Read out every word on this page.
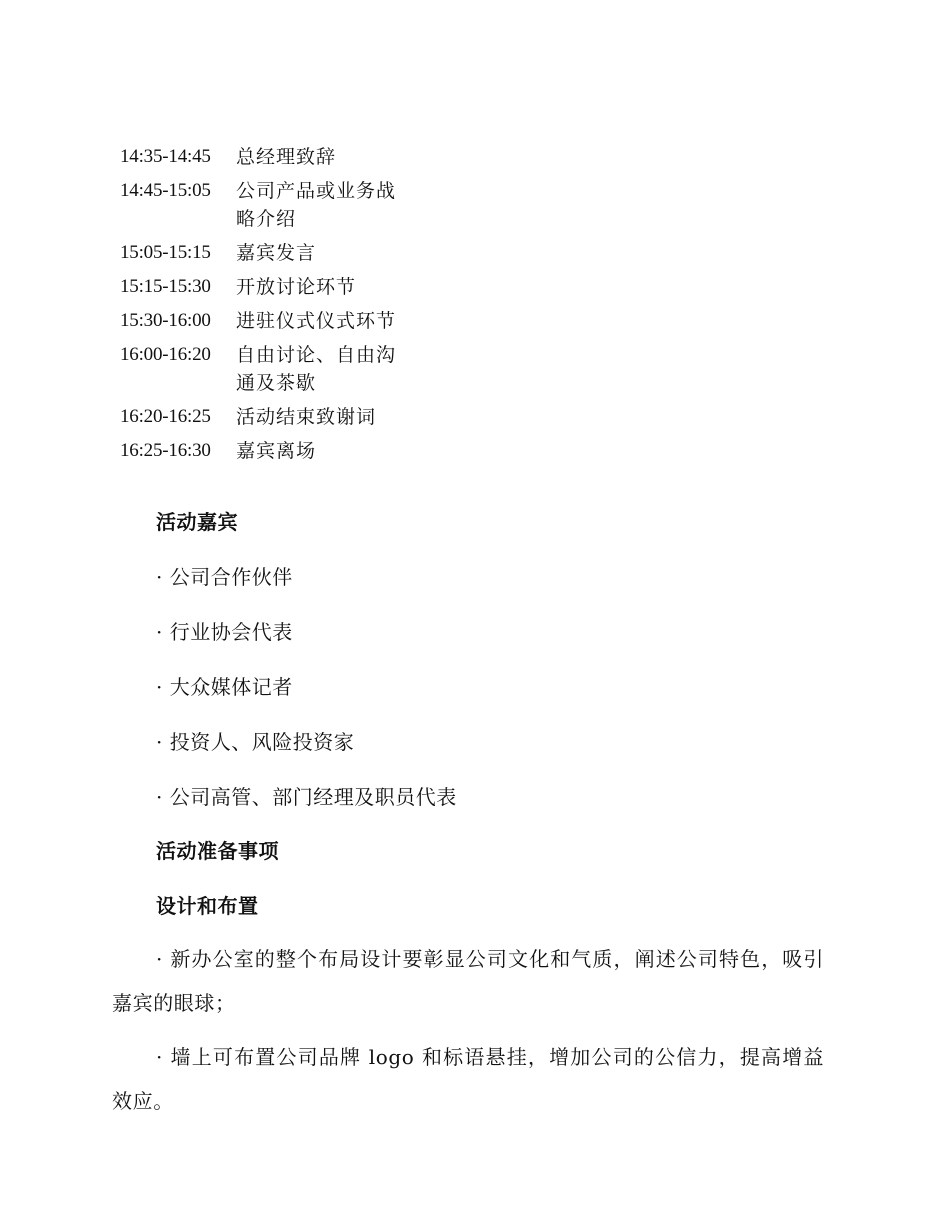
14:35-14:45	总经理致辞
14:45-15:05	公司产品或业务战略介绍
15:05-15:15	嘉宾发言
15:15-15:30	开放讨论环节
15:30-16:00	进驻仪式仪式环节
16:00-16:20	自由讨论、自由沟通及茶歇
16:20-16:25	活动结束致谢词
16:25-16:30	嘉宾离场
活动嘉宾
· 公司合作伙伴
· 行业协会代表
· 大众媒体记者
· 投资人、风险投资家
· 公司高管、部门经理及职员代表
活动准备事项
设计和布置
· 新办公室的整个布局设计要彰显公司文化和气质，阐述公司特色，吸引嘉宾的眼球；
· 墙上可布置公司品牌 logo 和标语悬挂，增加公司的公信力，提高增益效应。
